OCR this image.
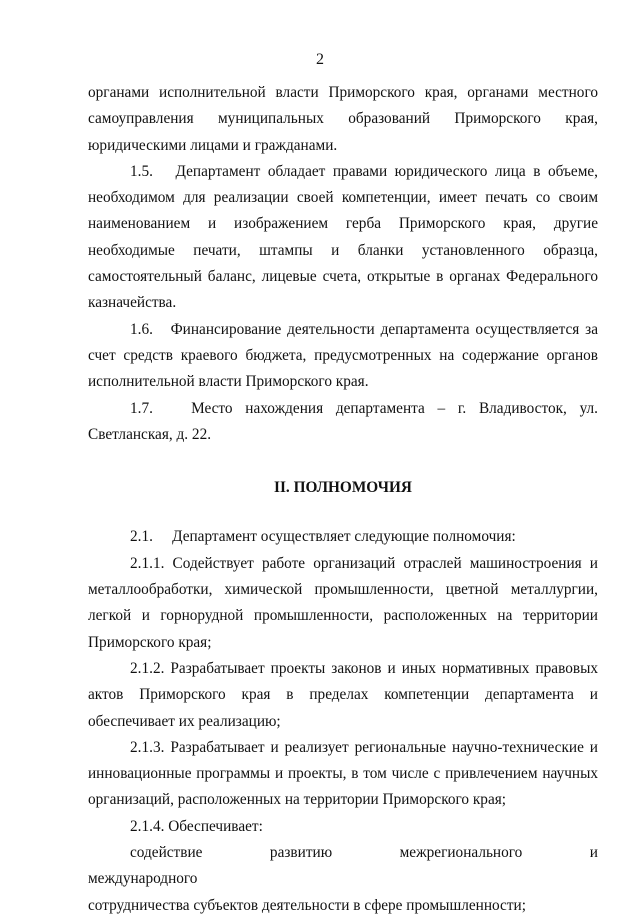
2

органами исполнительной власти Приморского края, органами местного самоуправления муниципальных образований Приморского края, юридическими лицами и гражданами.

1.5.   Департамент обладает правами юридического лица в объеме, необходимом для реализации своей компетенции, имеет печать со своим наименованием и изображением герба Приморского края, другие необходимые печати, штампы и бланки установленного образца, самостоятельный баланс, лицевые счета, открытые в органах Федерального казначейства.

1.6.   Финансирование деятельности департамента осуществляется за счет средств краевого бюджета, предусмотренных на содержание органов исполнительной власти Приморского края.

1.7.   Место нахождения департамента – г. Владивосток, ул. Светланская, д. 22.

II. ПОЛНОМОЧИЯ

2.1.     Департамент осуществляет следующие полномочия:

2.1.1. Содействует работе организаций отраслей машиностроения и металлообработки, химической промышленности, цветной металлургии, легкой и горнорудной промышленности, расположенных на территории Приморского края;

2.1.2. Разрабатывает проекты законов и иных нормативных правовых актов Приморского края в пределах компетенции департамента и обеспечивает их реализацию;

2.1.3. Разрабатывает и реализует региональные научно-технические и инновационные программы и проекты, в том числе с привлечением научных организаций, расположенных на территории Приморского края;

2.1.4. Обеспечивает:

содействие развитию межрегионального и международного

сотрудничества субъектов деятельности в сфере промышленности;
